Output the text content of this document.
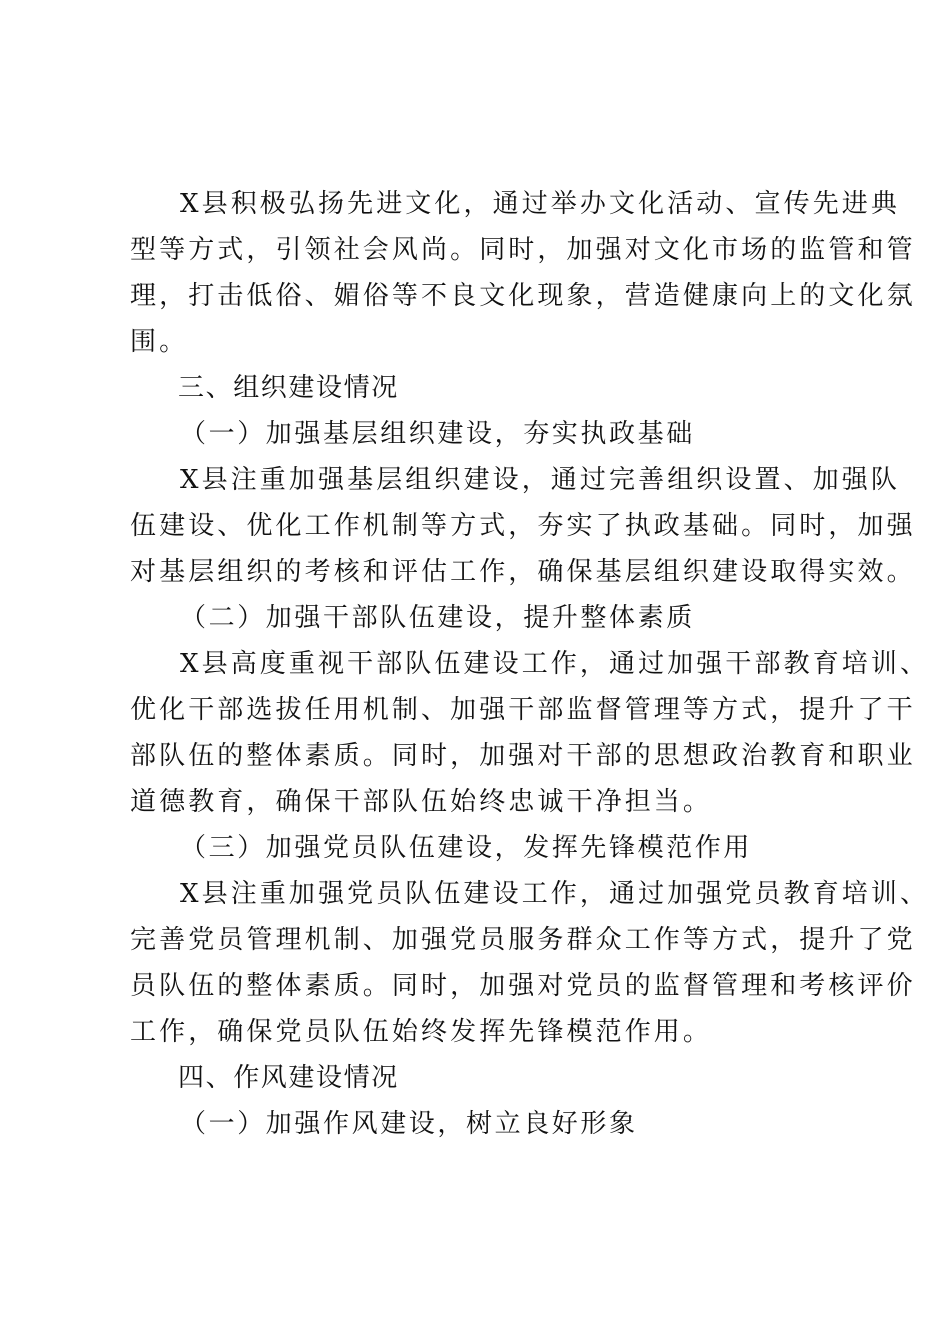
X县积极弘扬先进文化，通过举办文化活动、宣传先进典
型等方式，引领社会风尚。同时，加强对文化市场的监管和管
理，打击低俗、媚俗等不良文化现象，营造健康向上的文化氛
围。
三、组织建设情况
（一）加强基层组织建设，夯实执政基础
X县注重加强基层组织建设，通过完善组织设置、加强队
伍建设、优化工作机制等方式，夯实了执政基础。同时，加强
对基层组织的考核和评估工作，确保基层组织建设取得实效。
（二）加强干部队伍建设，提升整体素质
X县高度重视干部队伍建设工作，通过加强干部教育培训、
优化干部选拔任用机制、加强干部监督管理等方式，提升了干
部队伍的整体素质。同时，加强对干部的思想政治教育和职业
道德教育，确保干部队伍始终忠诚干净担当。
（三）加强党员队伍建设，发挥先锋模范作用
X县注重加强党员队伍建设工作，通过加强党员教育培训、
完善党员管理机制、加强党员服务群众工作等方式，提升了党
员队伍的整体素质。同时，加强对党员的监督管理和考核评价
工作，确保党员队伍始终发挥先锋模范作用。
四、作风建设情况
（一）加强作风建设，树立良好形象
